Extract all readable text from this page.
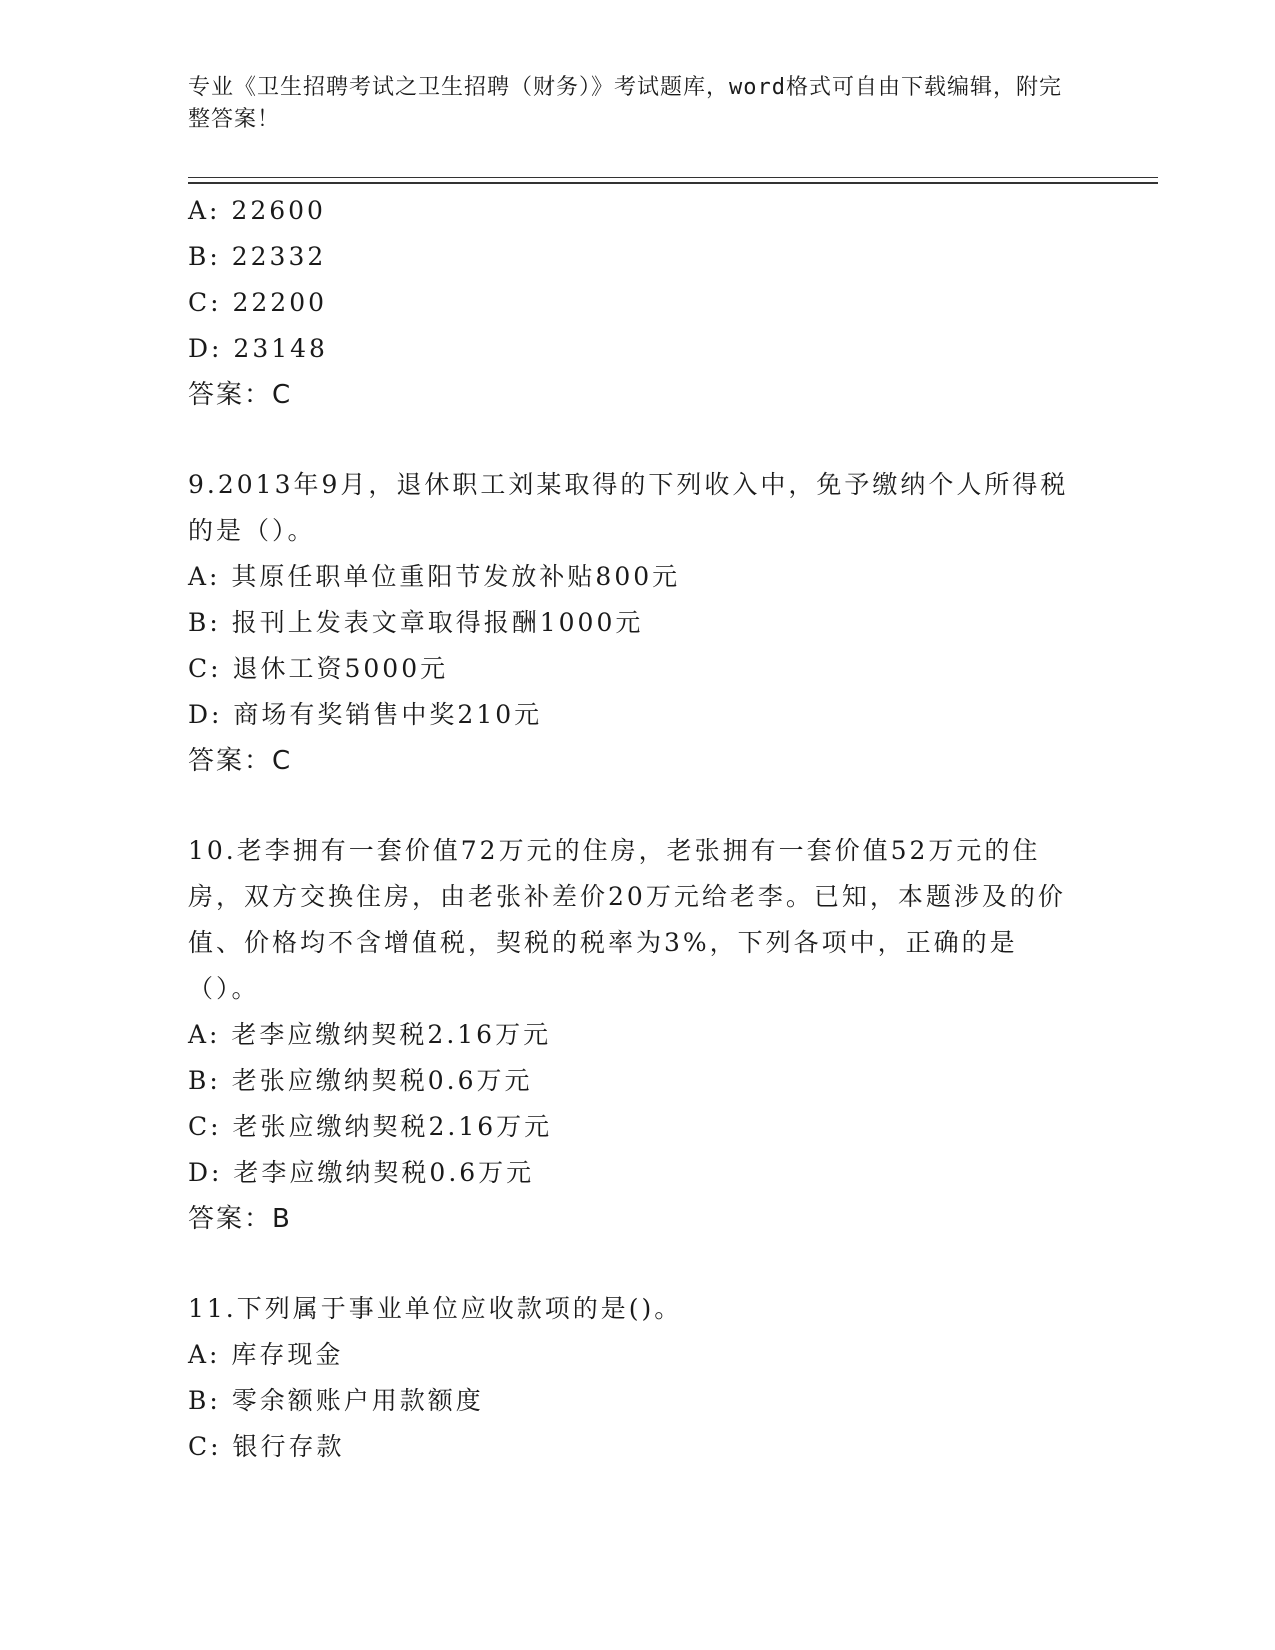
专业《卫生招聘考试之卫生招聘（财务）》考试题库，word格式可自由下载编辑，附完整答案！

A: 22600

B: 22332

C: 22200

D: 23148

答案：C

9.2013年9月，退休职工刘某取得的下列收入中，免予缴纳个人所得税的是（）。

A: 其原任职单位重阳节发放补贴800元

B: 报刊上发表文章取得报酬1000元

C: 退休工资5000元

D: 商场有奖销售中奖210元

答案：C

10.老李拥有一套价值72万元的住房，老张拥有一套价值52万元的住房，双方交换住房，由老张补差价20万元给老李。已知，本题涉及的价值、价格均不含增值税，契税的税率为3%，下列各项中，正确的是（）。

A: 老李应缴纳契税2.16万元

B: 老张应缴纳契税0.6万元

C: 老张应缴纳契税2.16万元

D: 老李应缴纳契税0.6万元

答案：B

11.下列属于事业单位应收款项的是()。

A: 库存现金

B: 零余额账户用款额度

C: 银行存款
